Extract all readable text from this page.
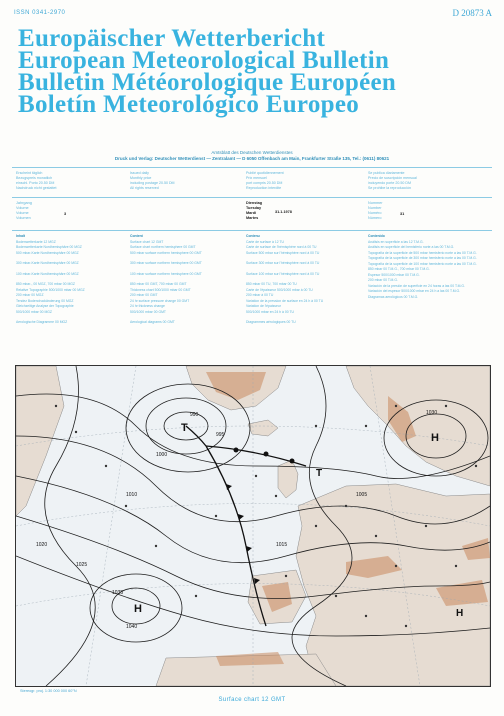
ISSN 0341-2970	D 20873 A
Europäischer Wetterbericht
European Meteorological Bulletin
Bulletin Météorologique Européen
Boletín Meteorológico Europeo
Amtsblatt des Deutschen Wetterdienstes
Druck und Verlag: Deutscher Wetterdienst — Zentralamt — D 6050 Offenbach am Main, Frankfurter Straße 135, Tel.: (0611) 80621
Erscheint täglich
Bezugspreis monatlich
einschl. Porto 20.50 DM
Nachdruck nicht gestattet
Issued daily
Monthly price
including postage 20.50 DM
All rights reserved
Publié quotidiennement
Prix mensuel
port compris 20.50 DM
Reproduction interdite
Se publica diariamente
Precio de suscripción mensual
incluyendo porte 20.50 DM
Se prohibe la reproducción
Jahrgang
Volume
Volume
Volumen
3
Dienstag
Tuesday
Mardi
Martes
31.1.1978
Nummer
Number
Numéro
Número
31
Inhalt
Bodenwetterkarte 12 MGZ
Bodenwetterkarte Nordhemisphäre 00 MGZ
500 mbar-Karte Nordhemisphäre 00 MGZ
300 mbar-Karte Nordhemisphäre 00 MGZ
100 mbar-Karte Nordhemisphäre 00 MGZ
850 mbar-, 00 MGZ, 700 mbar 00 MGZ
Relative Topographie 500/1000 mbar 00 MGZ
200 mbar 00 MGZ
Tendez Bodendruckänderung 00 MGZ
Gleichzeitige Analyse der Topographie
500/1000 mbar 00 MGZ
Aerologische Diagramme 00 MGZ
Content
Surface chart 12 GMT
Surface chart northern hemisphere 00 GMT
500 mbar surface northern hemisphere 00 GMT
300 mbar surface northern hemisphere 00 GMT
100 mbar surface northern hemisphere 00 GMT
850 mbar 00 GMT, 700 mbar 00 GMT
Thickness chart 500/1000 mbar 00 GMT
200 mbar 00 GMT
24 hr surface pressure change 00 GMT
24 hr thickness change
500/1000 mbar 00 GMT
Aerological diagrams 00 GMT
Contenu
Carte de surface à 12 TU
Carte de surface de l'hémisphère nord à 00 TU
Surface 500 mbar sur l'hémisphère nord à 00 TU
Surface 300 mbar sur l'hémisphère nord à 00 TU
Surface 100 mbar sur l'hémisphère nord à 00 TU
850 mbar 00 TU, 700 mbar 00 TU
Carte de l'épaisseur 500/1000 mbar à 00 TU
200 mbar à 00 TU
Variation de la pression de surface en 24 h à 00 TU
Variation de l'épaisseur
500/1000 mbar en 24 h à 00 TU
Diagrammes aérologiques 00 TU
Contenido
Análisis en superficie a las 12 T.M.G.
Análisis en superficie del hemisferio norte a las 00 T.M.G.
Topografía de la superficie de 500 mbar hemisferio norte a las 00 T.M.G.
Topografía de la superficie de 300 mbar hemisferio norte a las 00 T.M.G.
Topografía de la superficie de 100 mbar hemisferio norte a las 00 T.M.G.
850 mbar 00 T.M.G., 700 mbar 00 T.M.G.
Espesor 500/1000 mbar 00 T.M.G.
200 mbar 00 T.M.G.
Variación de la presión de superficie en 24 horas a las 00 T.M.G.
Variación del espesor 500/1000 mbar en 24 h a las 00 T.M.G.
Diagramas aerológicos 00 T.M.G.
H
T
H
T
H
1035
1025
1010
1000
990
1020	1015
1030
1005
995
1040
Stereogr. proj. 1:30 000 000 60°N
Surface chart 12 GMT
